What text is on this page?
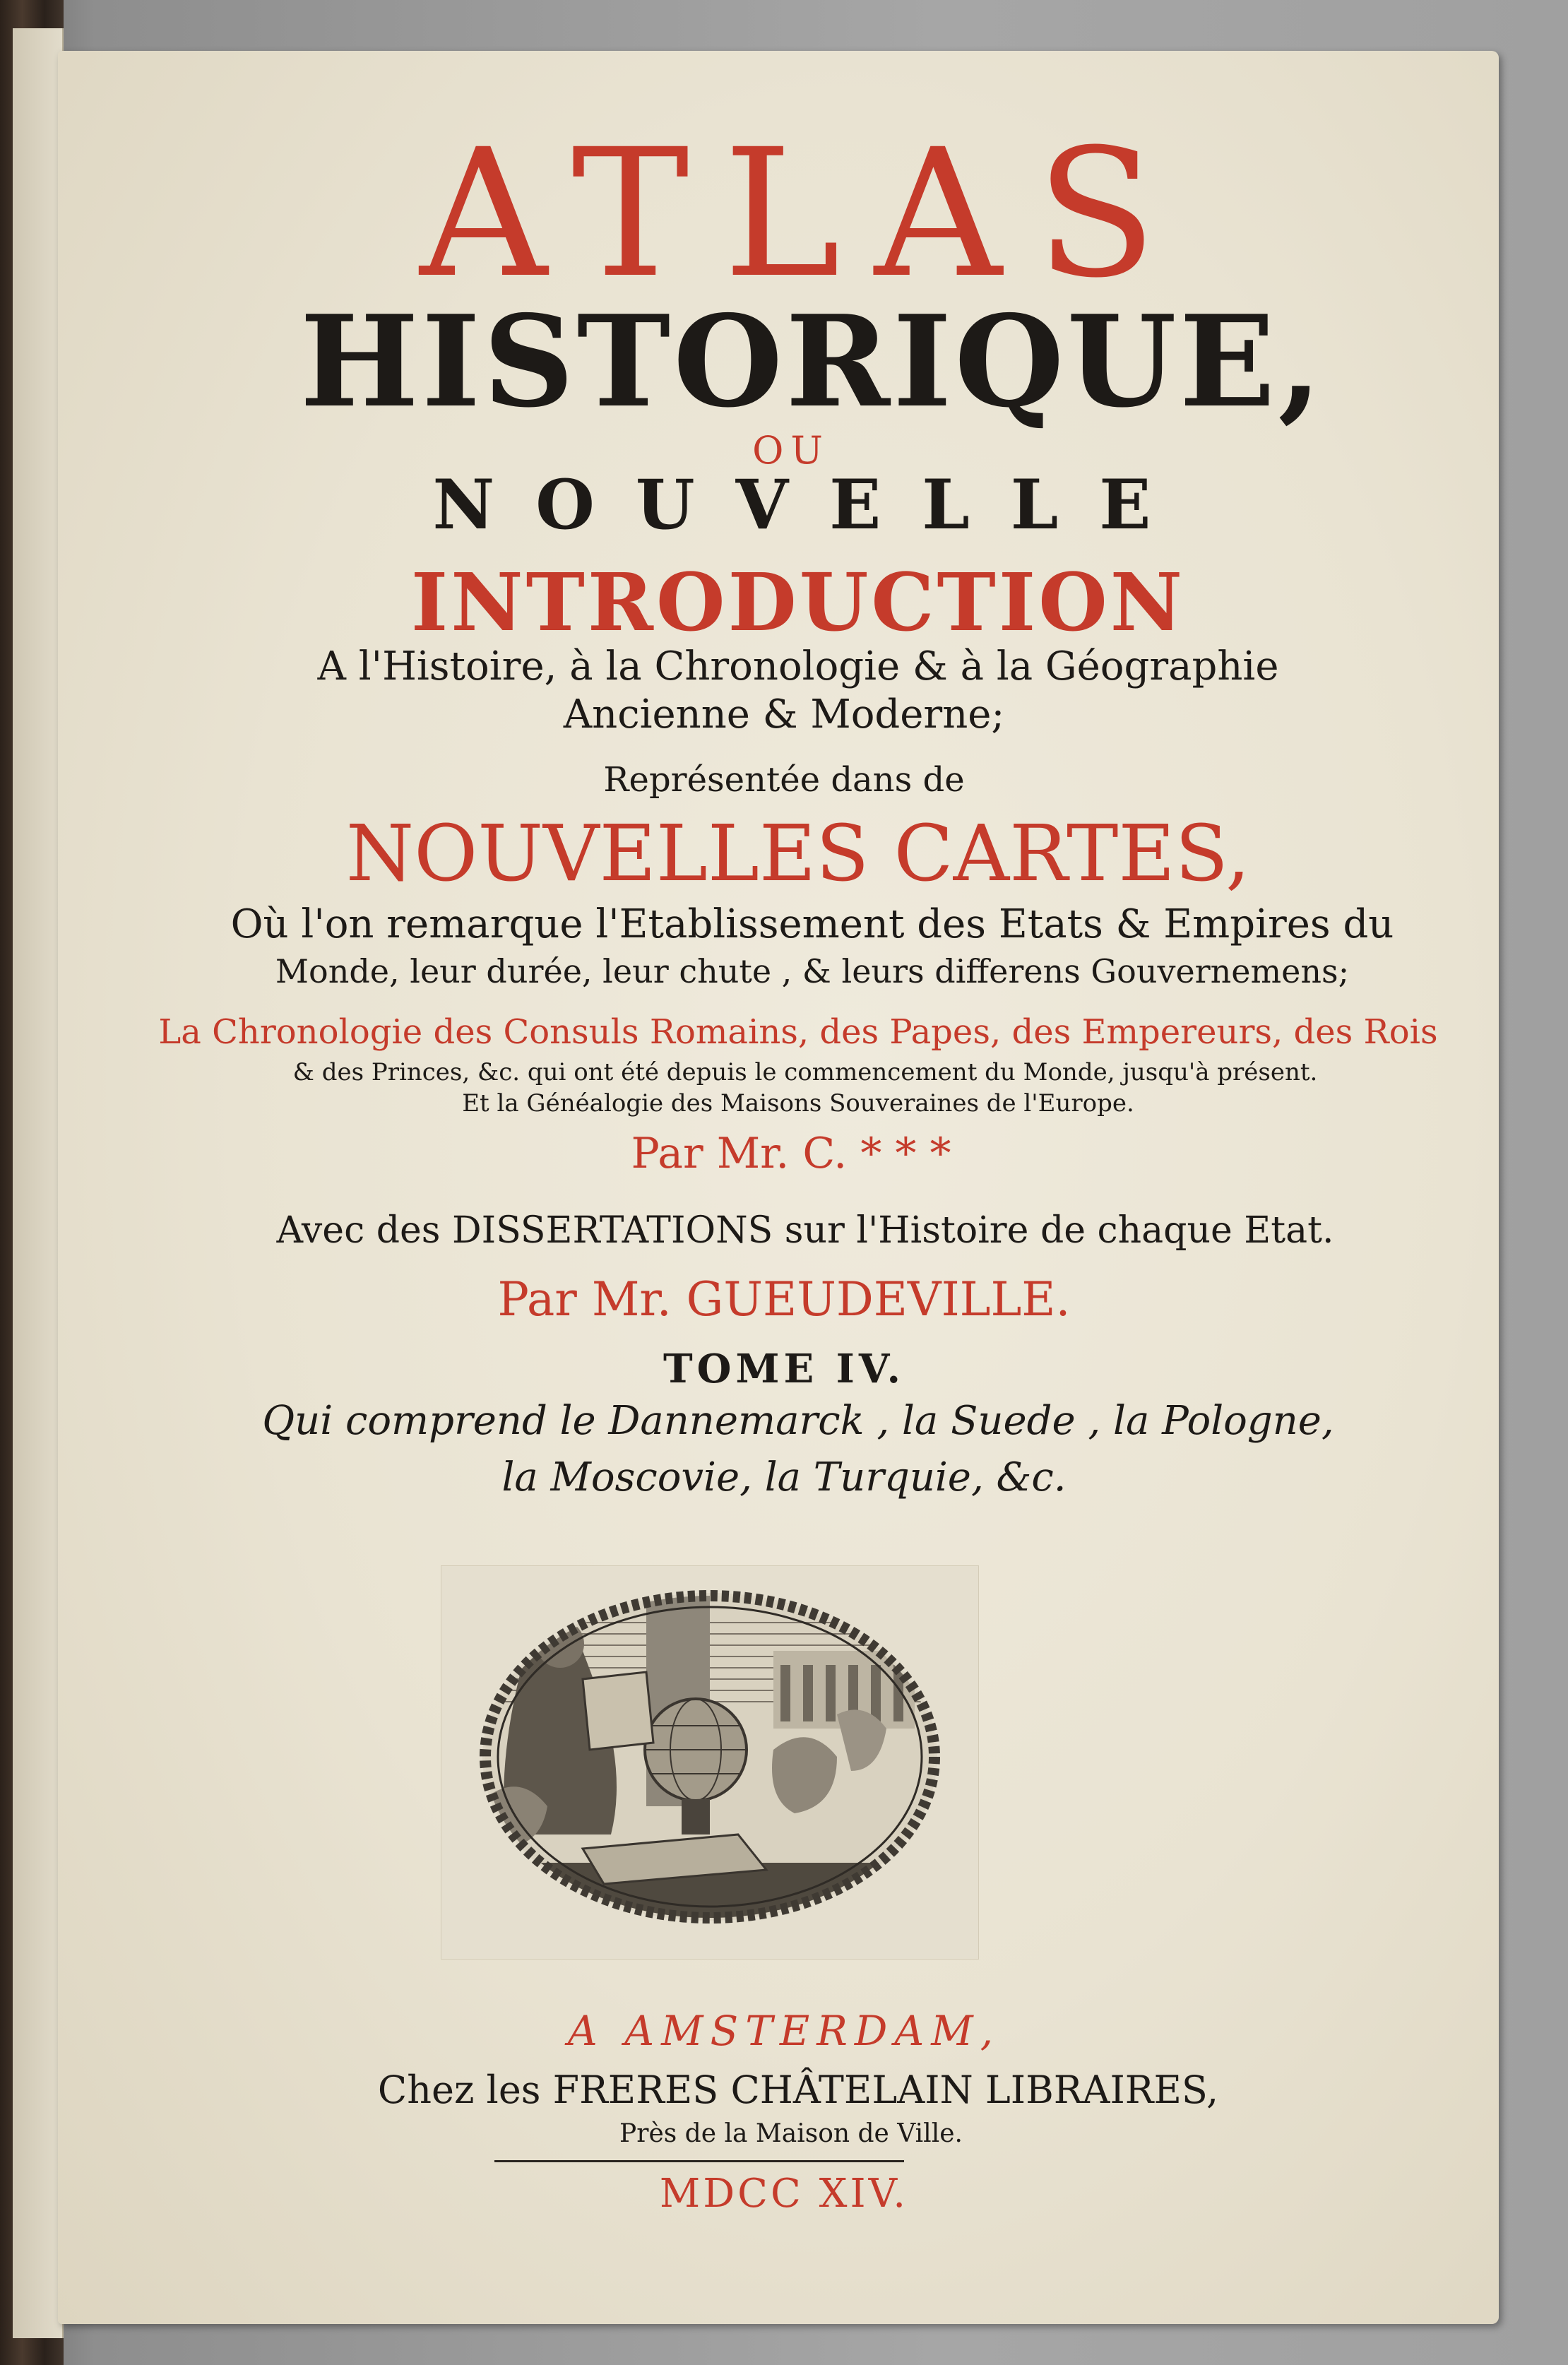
ATLAS
HISTORIQUE,
OU
NOUVELLE
INTRODUCTION
A l'Histoire, à la Chronologie & à la Géographie
Ancienne & Moderne;
Représentée dans de
NOUVELLES CARTES,
Où l'on remarque l'Etablissement des Etats & Empires du
Monde, leur durée, leur chute , & leurs differens Gouvernemens;
La Chronologie des Consuls Romains, des Papes, des Empereurs, des Rois
& des Princes, &c. qui ont été depuis le commencement du Monde, jusqu'à présent.
Et la Généalogie des Maisons Souveraines de l'Europe.
Par Mr. C. * * *
Avec des DISSERTATIONS sur l'Histoire de chaque Etat.
Par Mr. GUEUDEVILLE.
TOME IV.
Qui comprend le Dannemarck , la Suede , la Pologne,
la Moscovie, la Turquie, &c.
A AMSTERDAM,
Chez les FRERES CHÂTELAIN LIBRAIRES,
Près de la Maison de Ville.
MDCC XIV.
